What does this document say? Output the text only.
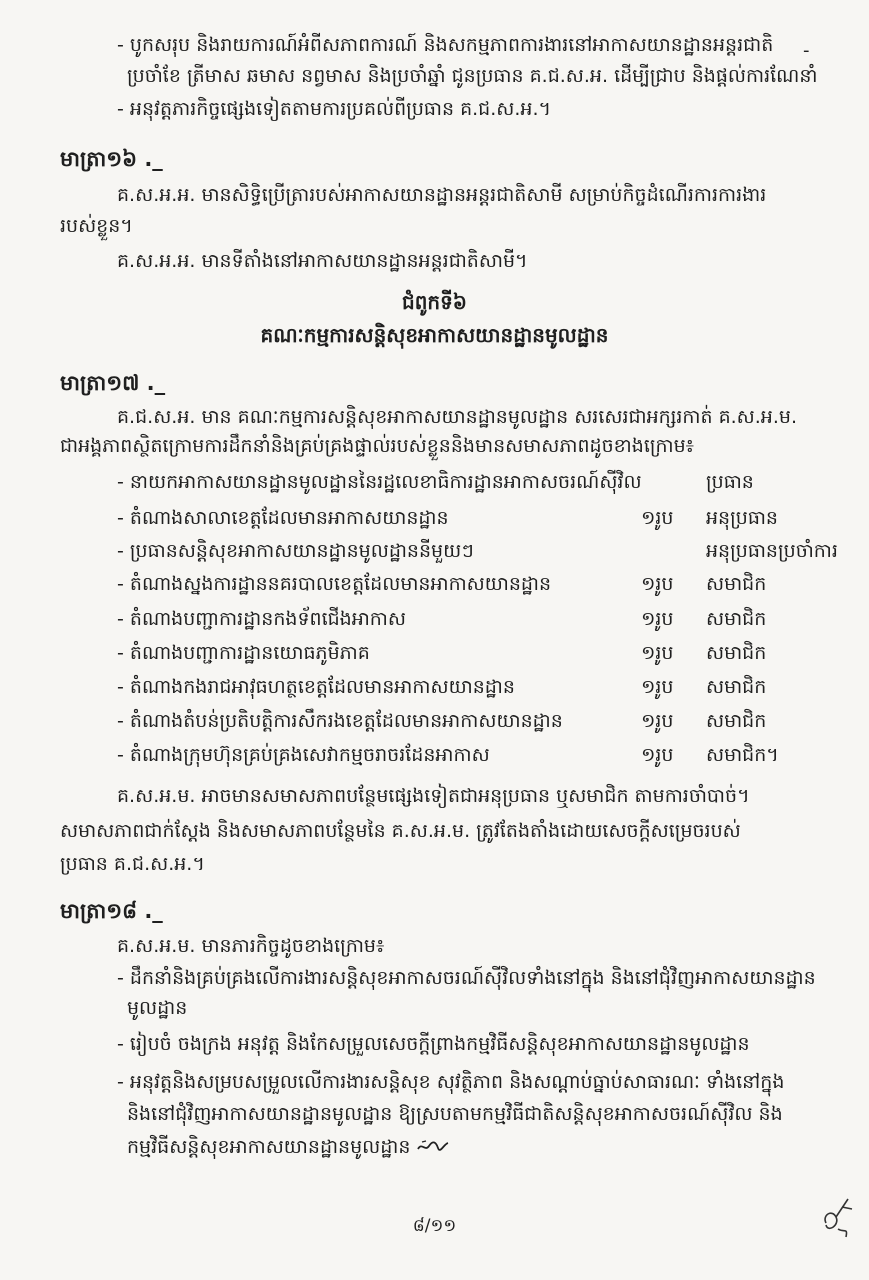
- បូកសរុប និងរាយការណ៍អំពីសភាពការណ៍ និងសកម្មភាពការងារនៅអាកាសយានដ្ឋានអន្តរជាតិ -
ប្រចាំខែ ត្រីមាស ឆមាស នព្វមាស និងប្រចាំឆ្នាំ ជូនប្រធាន គ.ជ.ស.អ. ដើម្បីជ្រាប និងផ្តល់ការណែនាំ
- អនុវត្តភារកិច្ចផ្សេងទៀតតាមការប្រគល់ពីប្រធាន គ.ជ.ស.អ.។
មាត្រា១៦ ._
គ.ស.អ.អ. មានសិទ្ធិប្រើត្រារបស់អាកាសយានដ្ឋានអន្តរជាតិសាមី សម្រាប់កិច្ចដំណើរការការងារ
របស់ខ្លួន។
គ.ស.អ.អ. មានទីតាំងនៅអាកាសយានដ្ឋានអន្តរជាតិសាមី។
ជំពូកទី៦
គណៈកម្មការសន្តិសុខអាកាសយានដ្ឋានមូលដ្ឋាន
មាត្រា១៧ ._
គ.ជ.ស.អ. មាន គណៈកម្មការសន្តិសុខអាកាសយានដ្ឋានមូលដ្ឋាន សរសេរជាអក្សរកាត់ គ.ស.អ.ម.
ជាអង្គភាពស្ថិតក្រោមការដឹកនាំនិងគ្រប់គ្រងផ្ទាល់របស់ខ្លួននិងមានសមាសភាពដូចខាងក្រោម៖
- នាយកអាកាសយានដ្ឋានមូលដ្ឋាននៃរដ្ឋលេខាធិការដ្ឋានអាកាសចរណ៍ស៊ីវិល	ប្រធាន
- តំណាងសាលាខេត្តដែលមានអាកាសយានដ្ឋាន	១រូប អនុប្រធាន
- ប្រធានសន្តិសុខអាកាសយានដ្ឋានមូលដ្ឋាននីមួយៗ	អនុប្រធានប្រចាំការ
- តំណាងស្នងការដ្ឋាននគរបាលខេត្តដែលមានអាកាសយានដ្ឋាន	១រូប សមាជិក
- តំណាងបញ្ជាការដ្ឋានកងទ័ពជើងអាកាស	១រូប សមាជិក
- តំណាងបញ្ជាការដ្ឋានយោធភូមិភាគ	១រូប សមាជិក
- តំណាងកងរាជអាវុធហត្ថខេត្តដែលមានអាកាសយានដ្ឋាន	១រូប សមាជិក
- តំណាងតំបន់ប្រតិបត្តិការសឹករងខេត្តដែលមានអាកាសយានដ្ឋាន	១រូប សមាជិក
- តំណាងក្រុមហ៊ុនគ្រប់គ្រងសេវាកម្មចរាចរដែនអាកាស	១រូប សមាជិក។
គ.ស.អ.ម. អាចមានសមាសភាពបន្ថែមផ្សេងទៀតជាអនុប្រធាន ឬសមាជិក តាមការចាំបាច់។
សមាសភាពជាក់ស្តែង និងសមាសភាពបន្ថែមនៃ គ.ស.អ.ម. ត្រូវតែងតាំងដោយសេចក្តីសម្រេចរបស់
ប្រធាន គ.ជ.ស.អ.។
មាត្រា១៨ ._
គ.ស.អ.ម. មានភារកិច្ចដូចខាងក្រោម៖
- ដឹកនាំនិងគ្រប់គ្រងលើការងារសន្តិសុខអាកាសចរណ៍ស៊ីវិលទាំងនៅក្នុង និងនៅជុំវិញអាកាសយានដ្ឋាន
មូលដ្ឋាន
- រៀបចំ ចងក្រង អនុវត្ត និងកែសម្រួលសេចក្តីព្រាងកម្មវិធីសន្តិសុខអាកាសយានដ្ឋានមូលដ្ឋាន
- អនុវត្តនិងសម្របសម្រួលលើការងារសន្តិសុខ សុវត្ថិភាព និងសណ្តាប់ធ្នាប់សាធារណៈ ទាំងនៅក្នុង
និងនៅជុំវិញអាកាសយានដ្ឋានមូលដ្ឋាន ឱ្យស្របតាមកម្មវិធីជាតិសន្តិសុខអាកាសចរណ៍ស៊ីវិល និង
កម្មវិធីសន្តិសុខអាកាសយានដ្ឋានមូលដ្ឋាន
៨/១១
